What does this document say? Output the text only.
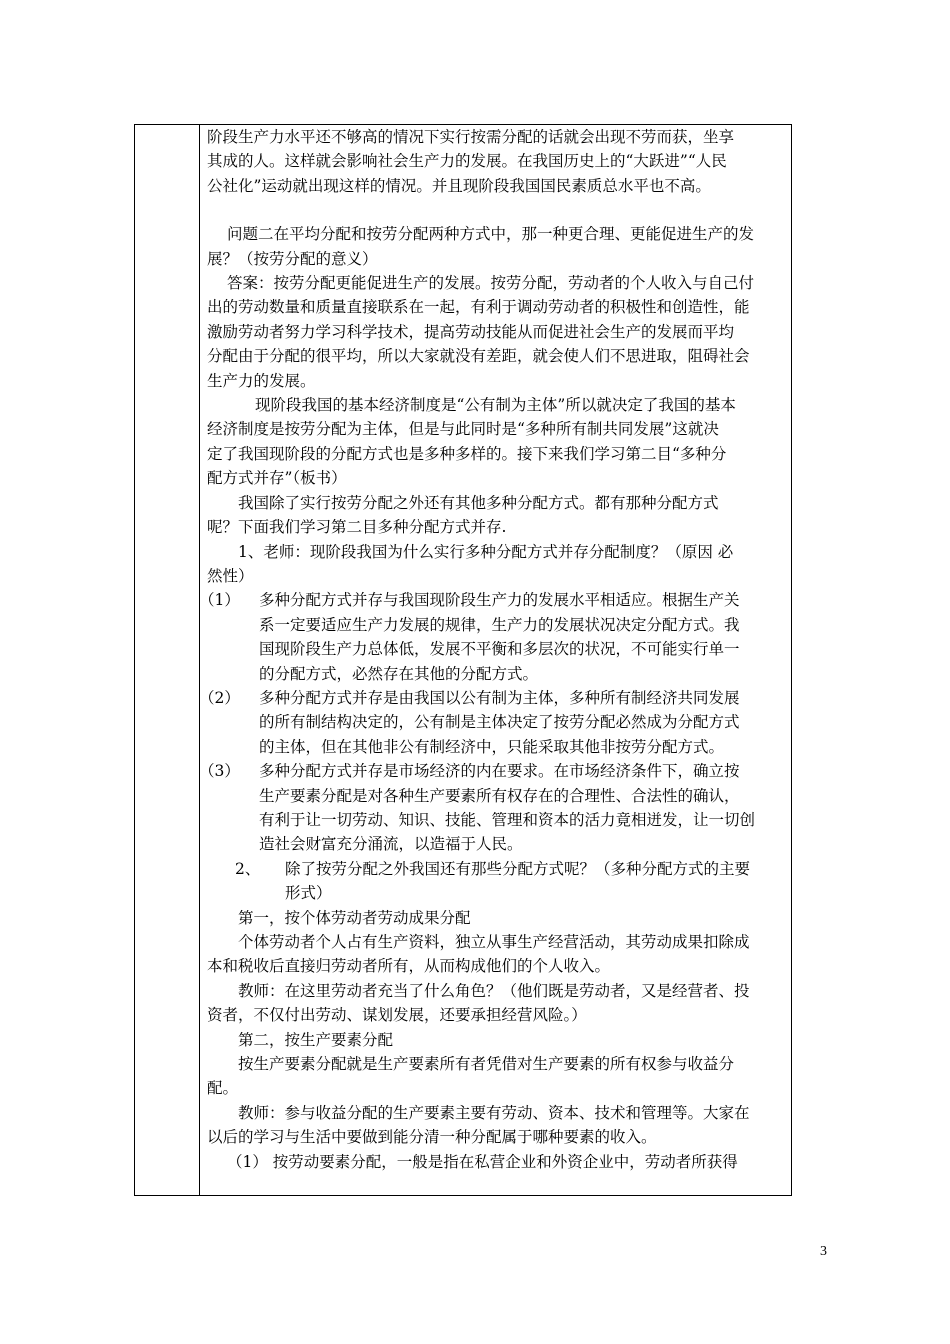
阶段生产力水平还不够高的情况下实行按需分配的话就会出现不劳而获，坐享

其成的人。这样就会影响社会生产力的发展。在我国历史上的“大跃进”“人民

公社化”运动就出现这样的情况。并且现阶段我国国民素质总水平也不高。

问题二在平均分配和按劳分配两种方式中，那一种更合理、更能促进生产的发

展？（按劳分配的意义）

答案：按劳分配更能促进生产的发展。按劳分配，劳动者的个人收入与自己付

出的劳动数量和质量直接联系在一起，有利于调动劳动者的积极性和创造性，能

激励劳动者努力学习科学技术，提高劳动技能从而促进社会生产的发展而平均

分配由于分配的很平均，所以大家就没有差距，就会使人们不思进取，阻碍社会

生产力的发展。

现阶段我国的基本经济制度是“公有制为主体”所以就决定了我国的基本

经济制度是按劳分配为主体，但是与此同时是“多种所有制共同发展”这就决

定了我国现阶段的分配方式也是多种多样的。接下来我们学习第二目“多种分

配方式并存”（板书）

我国除了实行按劳分配之外还有其他多种分配方式。都有那种分配方式

呢？下面我们学习第二目多种分配方式并存.

1、老师：现阶段我国为什么实行多种分配方式并存分配制度？（原因 必

然性）

（1）	多种分配方式并存与我国现阶段生产力的发展水平相适应。根据生产关
系一定要适应生产力发展的规律，生产力的发展状况决定分配方式。我
国现阶段生产力总体低，发展不平衡和多层次的状况，不可能实行单一
的分配方式，必然存在其他的分配方式。
（2）	多种分配方式并存是由我国以公有制为主体，多种所有制经济共同发展
的所有制结构决定的，公有制是主体决定了按劳分配必然成为分配方式
的主体，但在其他非公有制经济中，只能采取其他非按劳分配方式。
（3）	多种分配方式并存是市场经济的内在要求。在市场经济条件下，确立按
生产要素分配是对各种生产要素所有权存在的合理性、合法性的确认，
有利于让一切劳动、知识、技能、管理和资本的活力竟相迸发，让一切创
造社会财富充分涌流，以造福于人民。
2、	除了按劳分配之外我国还有那些分配方式呢？（多种分配方式的主要
形式）

第一，按个体劳动者劳动成果分配

个体劳动者个人占有生产资料，独立从事生产经营活动，其劳动成果扣除成

本和税收后直接归劳动者所有，从而构成他们的个人收入。

教师：在这里劳动者充当了什么角色？（他们既是劳动者，又是经营者、投

资者，不仅付出劳动、谋划发展，还要承担经营风险。）

第二，按生产要素分配

按生产要素分配就是生产要素所有者凭借对生产要素的所有权参与收益分

配。

教师：参与收益分配的生产要素主要有劳动、资本、技术和管理等。大家在

以后的学习与生活中要做到能分清一种分配属于哪种要素的收入。

（1） 按劳动要素分配，一般是指在私营企业和外资企业中，劳动者所获得

3
